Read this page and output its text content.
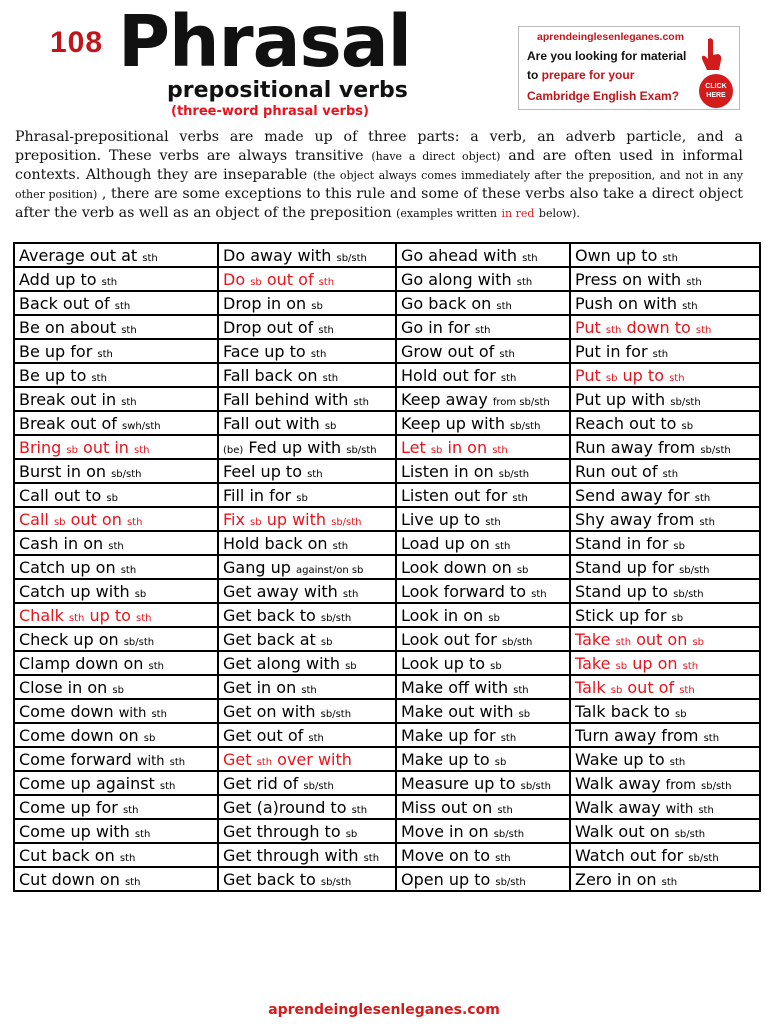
108 Phrasal
prepositional verbs
(three-word phrasal verbs)
aprendeinglesenleganes.com
Are you looking for material
to prepare for your
Cambridge English Exam?
CLICK HERE
Phrasal-prepositional verbs are made up of three parts: a verb, an adverb particle, and a preposition. These verbs are always transitive (have a direct object) and are often used in informal contexts. Although they are inseparable (the object always comes immediately after the preposition, and not in any other position) , there are some exceptions to this rule and some of these verbs also take a direct object after the verb as well as an object of the preposition (examples written in red below).
Average out at sth	Do away with sb/sth	Go ahead with sth	Own up to sth
Add up to sth	Do sb out of sth	Go along with sth	Press on with sth
Back out of sth	Drop in on sb	Go back on sth	Push on with sth
Be on about sth	Drop out of sth	Go in for sth	Put sth down to sth
Be up for sth	Face up to sth	Grow out of sth	Put in for sth
Be up to sth	Fall back on sth	Hold out for sth	Put sb up to sth
Break out in sth	Fall behind with sth	Keep away from sb/sth	Put up with sb/sth
Break out of swh/sth	Fall out with sb	Keep up with sb/sth	Reach out to sb
Bring sb out in sth	(be) Fed up with sb/sth	Let sb in on sth	Run away from sb/sth
Burst in on sb/sth	Feel up to sth	Listen in on sb/sth	Run out of sth
Call out to sb	Fill in for sb	Listen out for sth	Send away for sth
Call sb out on sth	Fix sb up with sb/sth	Live up to sth	Shy away from sth
Cash in on sth	Hold back on sth	Load up on sth	Stand in for sb
Catch up on sth	Gang up against/on sb	Look down on sb	Stand up for sb/sth
Catch up with sb	Get away with sth	Look forward to sth	Stand up to sb/sth
Chalk sth up to sth	Get back to sb/sth	Look in on sb	Stick up for sb
Check up on sb/sth	Get back at sb	Look out for sb/sth	Take sth out on sb
Clamp down on sth	Get along with sb	Look up to sb	Take sb up on sth
Close in on sb	Get in on sth	Make off with sth	Talk sb out of sth
Come down with sth	Get on with sb/sth	Make out with sb	Talk back to sb
Come down on sb	Get out of sth	Make up for sth	Turn away from sth
Come forward with sth	Get sth over with	Make up to sb	Wake up to sth
Come up against sth	Get rid of sb/sth	Measure up to sb/sth	Walk away from sb/sth
Come up for sth	Get (a)round to sth	Miss out on sth	Walk away with sth
Come up with sth	Get through to sb	Move in on sb/sth	Walk out on sb/sth
Cut back on sth	Get through with sth	Move on to sth	Watch out for sb/sth
Cut down on sth	Get back to sb/sth	Open up to sb/sth	Zero in on sth
aprendeinglesenleganes.com
